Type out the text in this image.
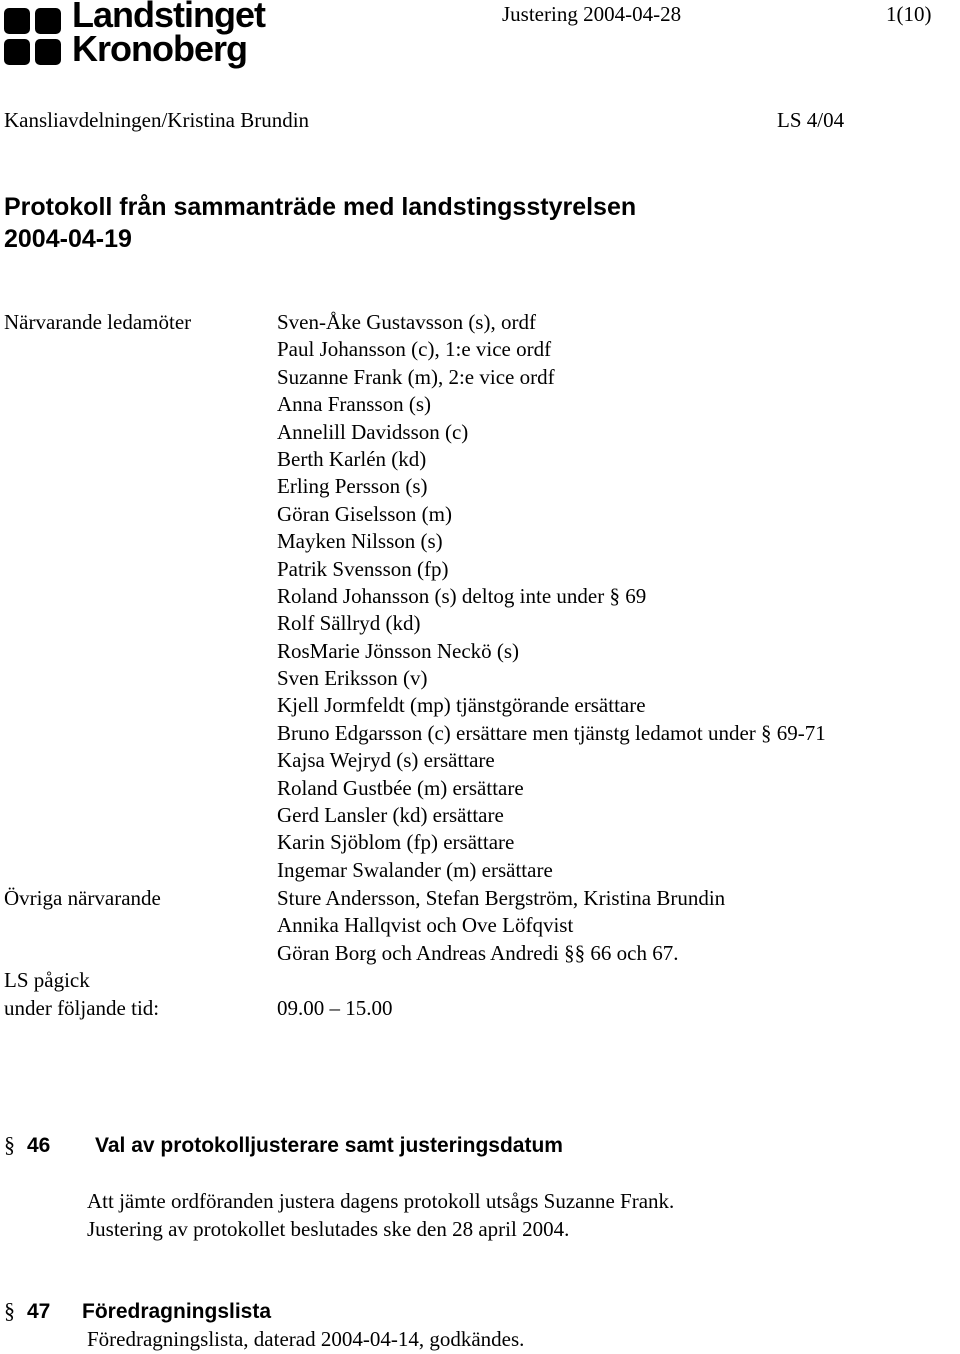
Landstinget
Kronoberg
Justering 2004-04-28	1(10)
Kansliavdelningen/Kristina Brundin	LS 4/04
Protokoll från sammanträde med landstingsstyrelsen
2004-04-19
Närvarande ledamöter	Sven-Åke Gustavsson (s), ordf
Paul Johansson (c), 1:e vice ordf
Suzanne Frank (m), 2:e vice ordf
Anna Fransson (s)
Annelill Davidsson (c)
Berth Karlén (kd)
Erling Persson (s)
Göran Giselsson (m)
Mayken Nilsson (s)
Patrik Svensson (fp)
Roland Johansson (s) deltog inte under § 69
Rolf Sällryd (kd)
RosMarie Jönsson Neckö (s)
Sven Eriksson (v)
Kjell Jormfeldt (mp) tjänstgörande ersättare
Bruno Edgarsson (c) ersättare men tjänstg ledamot under § 69-71
Kajsa Wejryd (s) ersättare
Roland Gustbée (m) ersättare
Gerd Lansler (kd) ersättare
Karin Sjöblom (fp) ersättare
Ingemar Swalander (m) ersättare
Övriga närvarande	Sture Andersson, Stefan Bergström, Kristina Brundin
Annika Hallqvist och Ove Löfqvist
Göran Borg och Andreas Andredi §§ 66 och 67.
LS pågick
under följande tid:	09.00 – 15.00
§ 46 Val av protokolljusterare samt justeringsdatum
Att jämte ordföranden justera dagens protokoll utsågs Suzanne Frank.
Justering av protokollet beslutades ske den 28 april 2004.
§ 47 Föredragningslista
Föredragningslista, daterad 2004-04-14, godkändes.
